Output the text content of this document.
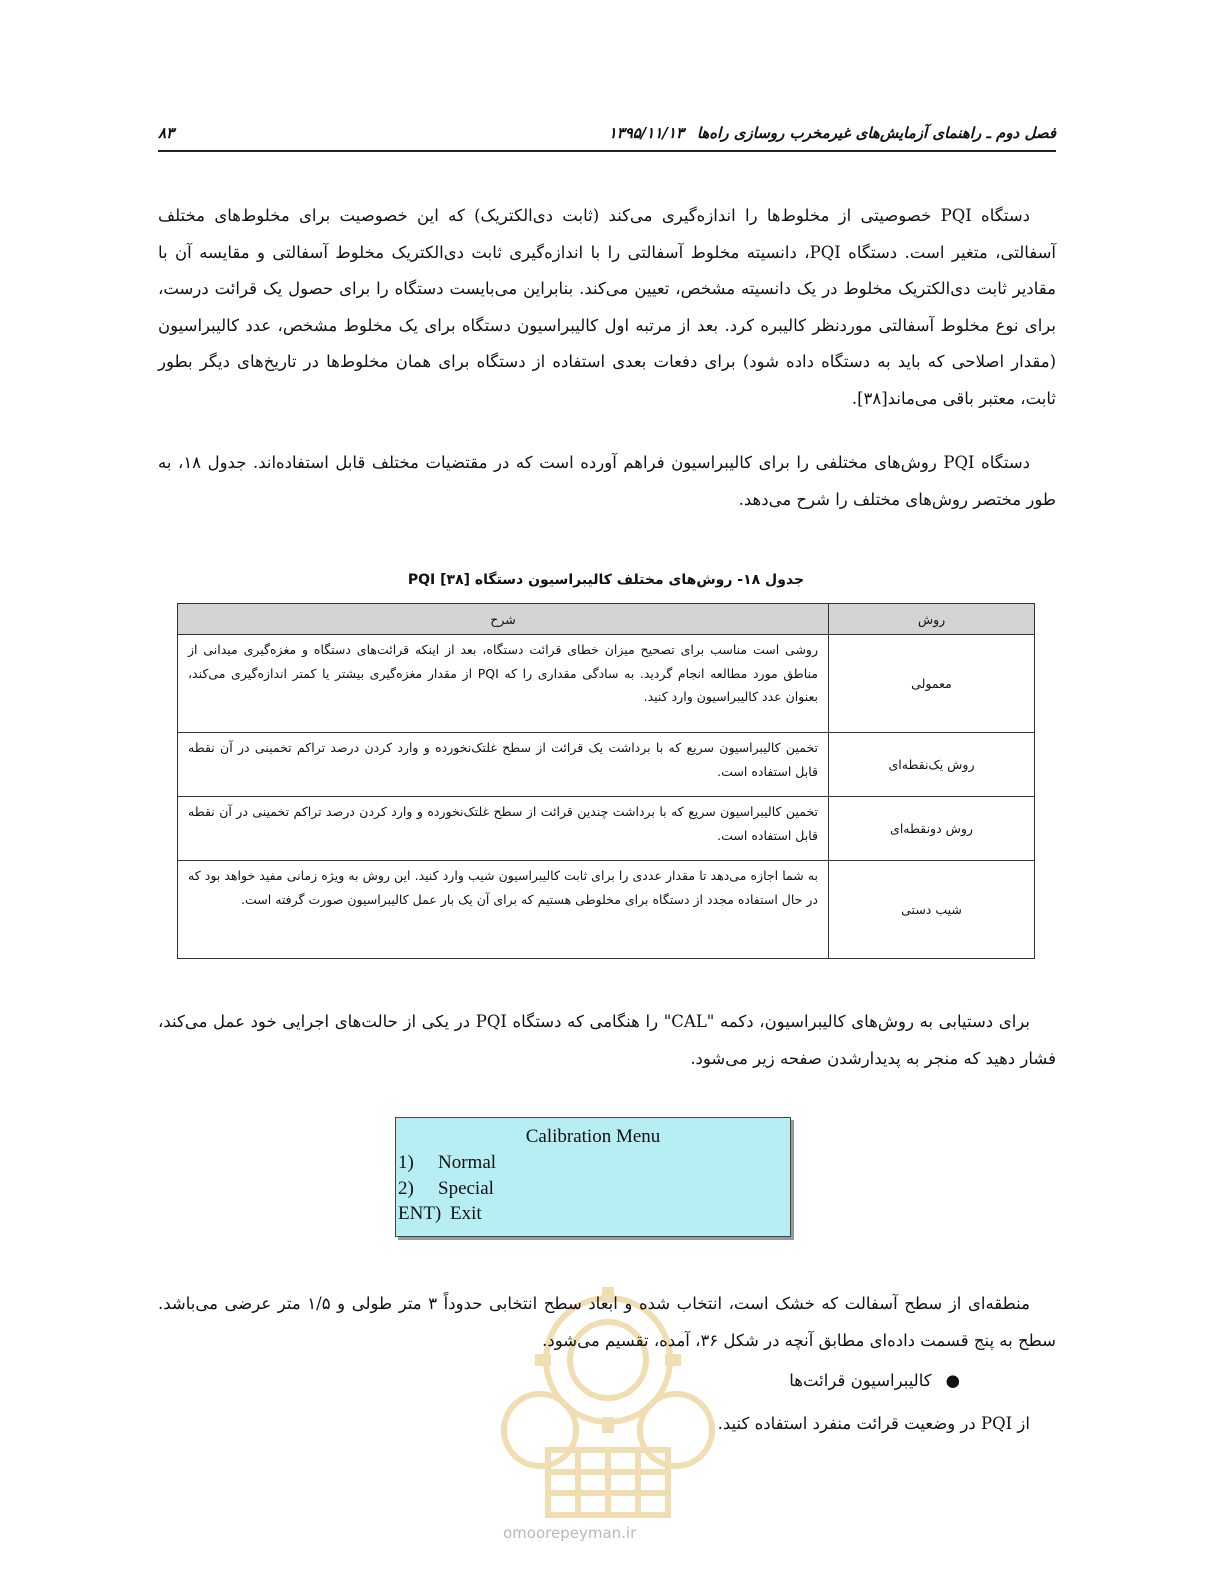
فصل دوم ـ راهنمای آزمایش‌های غیرمخرب روسازی راه‌ها
۱۳۹۵/۱۱/۱۳
۸۳
دستگاه PQI خصوصیتی از مخلوط‌ها را اندازه‌گیری می‌کند (ثابت دی‌الکتریک) که این خصوصیت برای مخلوط‌های مختلف آسفالتی، متغیر است. دستگاه PQI، دانسیته مخلوط آسفالتی را با اندازه‌گیری ثابت دی‌الکتریک مخلوط آسفالتی و مقایسه آن با مقادیر ثابت دی‌الکتریک مخلوط در یک دانسیته مشخص، تعیین می‌کند. بنابراین می‌بایست دستگاه را برای حصول یک قرائت درست، برای نوع مخلوط آسفالتی موردنظر کالیبره کرد. بعد از مرتبه اول کالیبراسیون دستگاه برای یک مخلوط مشخص، عدد کالیبراسیون (مقدار اصلاحی که باید به دستگاه داده شود) برای دفعات بعدی استفاده از دستگاه برای همان مخلوط‌ها در تاریخ‌های دیگر بطور ثابت، معتبر باقی می‌ماند[۳۸].
دستگاه PQI روش‌های مختلفی را برای کالیبراسیون فراهم آورده است که در مقتضیات مختلف قابل استفاده‌اند. جدول ۱۸، به طور مختصر روش‌های مختلف را شرح می‌دهد.
جدول ۱۸- روش‌های مختلف کالیبراسیون دستگاه PQI [۳۸]
روش	شرح
معمولی	روشی است مناسب برای تصحیح میزان خطای قرائت دستگاه، بعد از اینکه قرائت‌های دستگاه و مغزه‌گیری میدانی از مناطق مورد مطالعه انجام گردید. به سادگی مقداری را که PQI از مقدار مغزه‌گیری بیشتر یا کمتر اندازه‌گیری می‌کند، بعنوان عدد کالیبراسیون وارد کنید.
روش یک‌نقطه‌ای	تخمین کالیبراسیون سریع که با برداشت یک قرائت از سطح غلتک‌نخورده و وارد کردن درصد تراکم تخمینی در آن نقطه قابل استفاده است.
روش دونقطه‌ای	تخمین کالیبراسیون سریع که با برداشت چندین قرائت از سطح غلتک‌نخورده و وارد کردن درصد تراکم تخمینی در آن نقطه قابل استفاده است.
شیب دستی	به شما اجازه می‌دهد تا مقدار عددی را برای ثابت کالیبراسیون شیب وارد کنید. این روش به ویژه زمانی مفید خواهد بود که در حال استفاده مجدد از دستگاه برای مخلوطی هستیم که برای آن یک بار عمل کالیبراسیون صورت گرفته است.
برای دستیابی به روش‌های کالیبراسیون، دکمه "CAL" را هنگامی که دستگاه PQI در یکی از حالت‌های اجرایی خود عمل می‌کند، فشار دهید که منجر به پدیدارشدن صفحه زیر می‌شود.
Calibration Menu
1) Normal
2) Special
ENT) Exit
omoorepeyman.ir
منطقه‌ای از سطح آسفالت که خشک است، انتخاب شده و ابعاد سطح انتخابی حدوداً ۳ متر طولی و ۱/۵ متر عرضی می‌باشد. سطح به پنج قسمت داده‌ای مطابق آنچه در شکل ۳۶، آمده، تقسیم می‌شود.
●کالیبراسیون قرائت‌ها
از PQI در وضعیت قرائت منفرد استفاده کنید.
